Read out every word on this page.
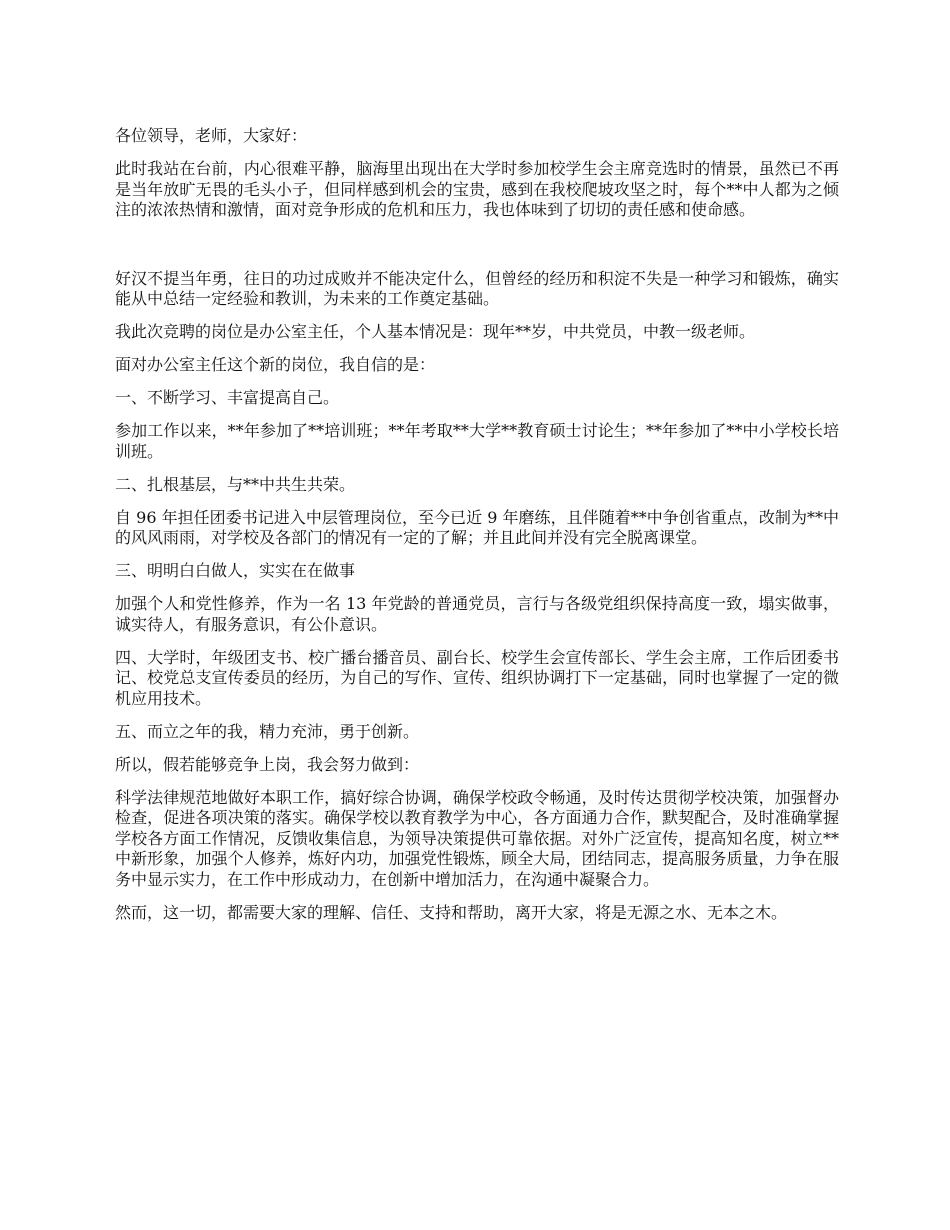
各位领导，老师，大家好：

此时我站在台前，内心很难平静，脑海里出现出在大学时参加校学生会主席竞选时的情景，虽然已不再是当年放旷无畏的毛头小子，但同样感到机会的宝贵，感到在我校爬坡攻坚之时，每个**中人都为之倾注的浓浓热情和激情，面对竞争形成的危机和压力，我也体味到了切切的责任感和使命感。

好汉不提当年勇，往日的功过成败并不能决定什么，但曾经的经历和积淀不失是一种学习和锻炼，确实能从中总结一定经验和教训，为未来的工作奠定基础。

我此次竞聘的岗位是办公室主任，个人基本情况是：现年**岁，中共党员，中教一级老师。

面对办公室主任这个新的岗位，我自信的是：

一、不断学习、丰富提高自己。

参加工作以来，**年参加了**培训班；**年考取**大学**教育硕士讨论生；**年参加了**中小学校长培训班。

二、扎根基层，与**中共生共荣。

自 96 年担任团委书记进入中层管理岗位，至今已近 9 年磨练，且伴随着**中争创省重点，改制为**中的风风雨雨，对学校及各部门的情况有一定的了解；并且此间并没有完全脱离课堂。

三、明明白白做人，实实在在做事

加强个人和党性修养，作为一名 13 年党龄的普通党员，言行与各级党组织保持高度一致，塌实做事，诚实待人，有服务意识，有公仆意识。

四、大学时，年级团支书、校广播台播音员、副台长、校学生会宣传部长、学生会主席，工作后团委书记、校党总支宣传委员的经历，为自己的写作、宣传、组织协调打下一定基础，同时也掌握了一定的微机应用技术。

五、而立之年的我，精力充沛，勇于创新。

所以，假若能够竞争上岗，我会努力做到：

科学法律规范地做好本职工作，搞好综合协调，确保学校政令畅通，及时传达贯彻学校决策，加强督办检查，促进各项决策的落实。确保学校以教育教学为中心，各方面通力合作，默契配合，及时准确掌握学校各方面工作情况，反馈收集信息，为领导决策提供可靠依据。对外广泛宣传，提高知名度，树立**中新形象，加强个人修养，炼好内功，加强党性锻炼，顾全大局，团结同志，提高服务质量，力争在服务中显示实力，在工作中形成动力，在创新中增加活力，在沟通中凝聚合力。

然而，这一切，都需要大家的理解、信任、支持和帮助，离开大家，将是无源之水、无本之木。
